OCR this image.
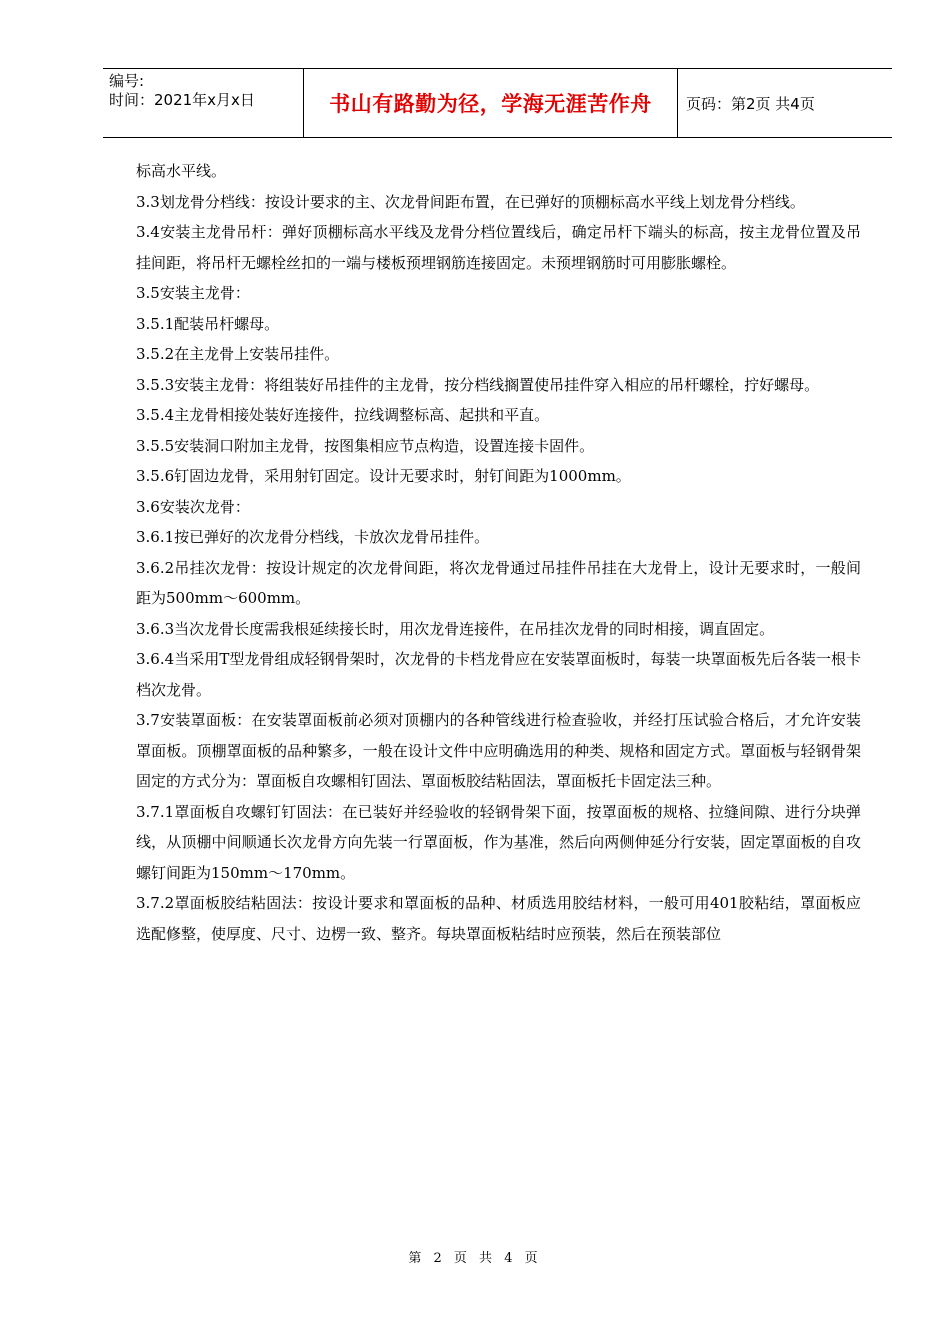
编号:
时间：2021年x月x日	书山有路勤为径，学海无涯苦作舟	页码：第2页 共4页

标高水平线。

3.3划龙骨分档线：按设计要求的主、次龙骨间距布置，在已弹好的顶棚标高水平线上划龙骨分档线。

3.4安装主龙骨吊杆：弹好顶棚标高水平线及龙骨分档位置线后，确定吊杆下端头的标高，按主龙骨位置及吊挂间距，将吊杆无螺栓丝扣的一端与楼板预埋钢筋连接固定。未预埋钢筋时可用膨胀螺栓。

3.5安装主龙骨：

3.5.1配装吊杆螺母。

3.5.2在主龙骨上安装吊挂件。

3.5.3安装主龙骨：将组装好吊挂件的主龙骨，按分档线搁置使吊挂件穿入相应的吊杆螺栓，拧好螺母。

3.5.4主龙骨相接处装好连接件，拉线调整标高、起拱和平直。

3.5.5安装洞口附加主龙骨，按图集相应节点构造，设置连接卡固件。

3.5.6钉固边龙骨，采用射钉固定。设计无要求时，射钉间距为1000mm。

3.6安装次龙骨：

3.6.1按已弹好的次龙骨分档线，卡放次龙骨吊挂件。

3.6.2吊挂次龙骨：按设计规定的次龙骨间距，将次龙骨通过吊挂件吊挂在大龙骨上，设计无要求时，一般间距为500mm～600mm。

3.6.3当次龙骨长度需我根延续接长时，用次龙骨连接件，在吊挂次龙骨的同时相接，调直固定。

3.6.4当采用T型龙骨组成轻钢骨架时，次龙骨的卡档龙骨应在安装罩面板时，每装一块罩面板先后各装一根卡档次龙骨。

3.7安装罩面板：在安装罩面板前必须对顶棚内的各种管线进行检查验收，并经打压试验合格后，才允许安装罩面板。顶棚罩面板的品种繁多，一般在设计文件中应明确选用的种类、规格和固定方式。罩面板与轻钢骨架固定的方式分为：罩面板自攻螺相钉固法、罩面板胶结粘固法，罩面板托卡固定法三种。

3.7.1罩面板自攻螺钉钉固法：在已装好并经验收的轻钢骨架下面，按罩面板的规格、拉缝间隙、进行分块弹线，从顶棚中间顺通长次龙骨方向先装一行罩面板，作为基准，然后向两侧伸延分行安装，固定罩面板的自攻螺钉间距为150mm～170mm。

3.7.2罩面板胶结粘固法：按设计要求和罩面板的品种、材质选用胶结材料，一般可用401胶粘结，罩面板应选配修整，使厚度、尺寸、边楞一致、整齐。每块罩面板粘结时应预装，然后在预装部位

第 2 页 共 4 页
